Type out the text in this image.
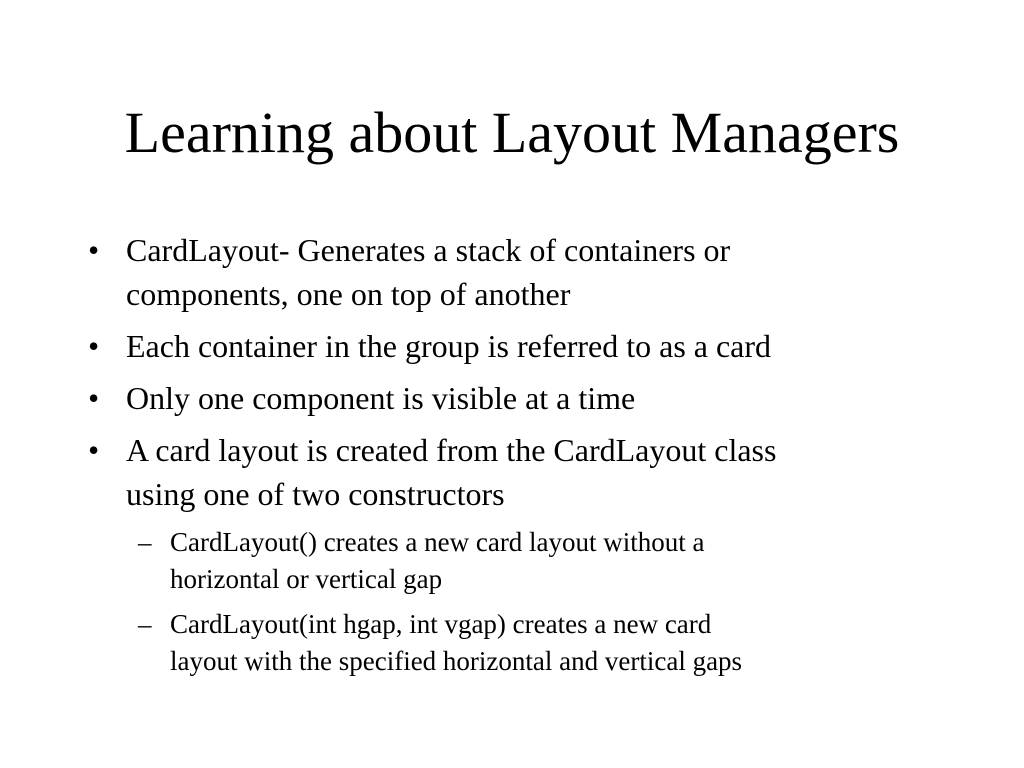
Learning about Layout Managers
• CardLayout- Generates a stack of containers or
components, one on top of another
• Each container in the group is referred to as a card
• Only one component is visible at a time
• A card layout is created from the CardLayout class
using one of two constructors
– CardLayout() creates a new card layout without a
horizontal or vertical gap
– CardLayout(int hgap, int vgap) creates a new card
layout with the specified horizontal and vertical gaps
